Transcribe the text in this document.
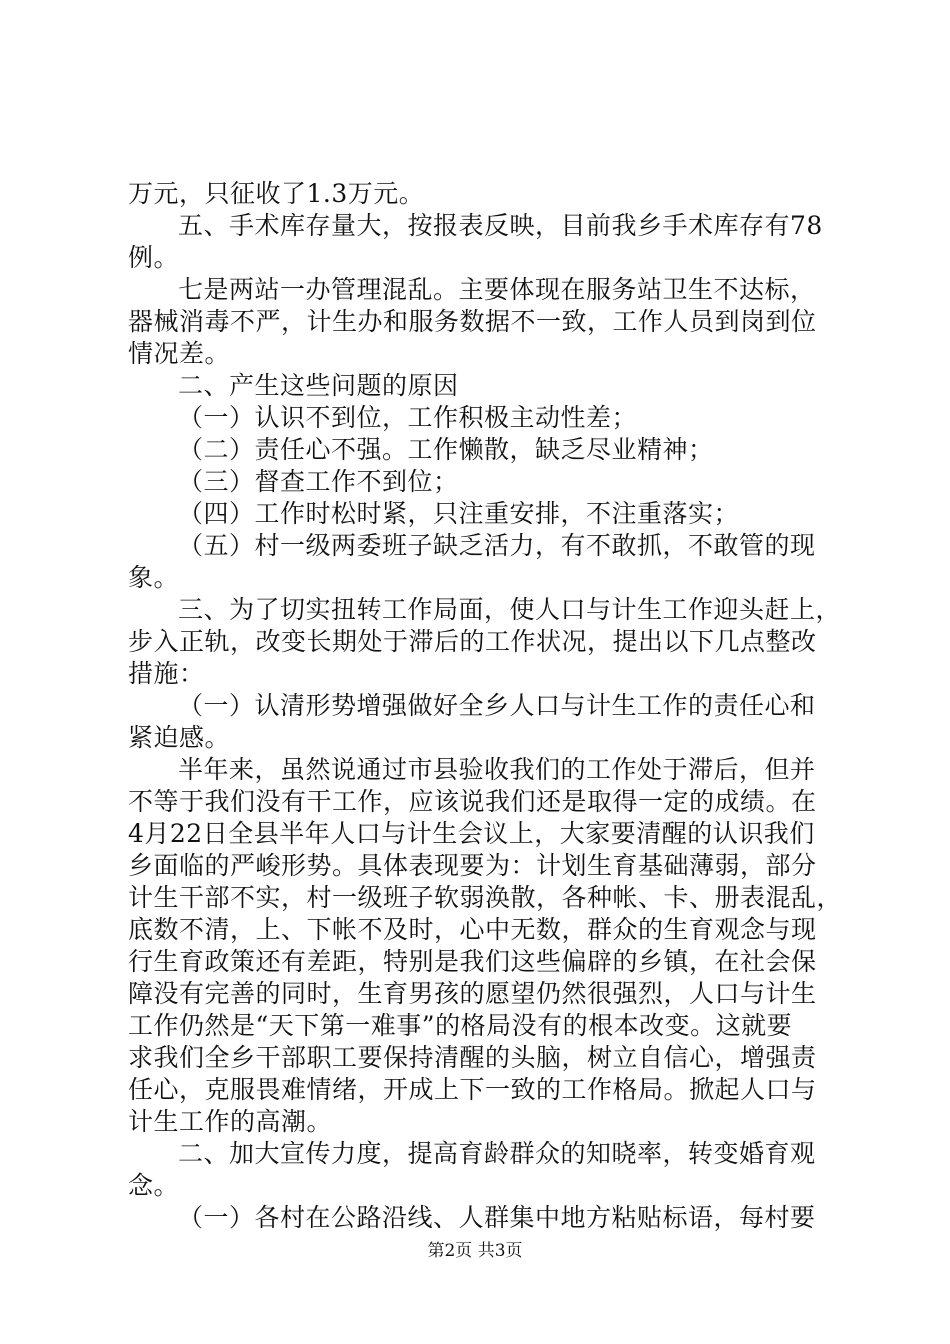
万元，只征收了1.3万元。
五、手术库存量大，按报表反映，目前我乡手术库存有78
例。
七是两站一办管理混乱。主要体现在服务站卫生不达标，
器械消毒不严，计生办和服务数据不一致，工作人员到岗到位
情况差。
二、产生这些问题的原因
（一）认识不到位，工作积极主动性差；
（二）责任心不强。工作懒散，缺乏尽业精神；
（三）督查工作不到位；
（四）工作时松时紧，只注重安排，不注重落实；
（五）村一级两委班子缺乏活力，有不敢抓，不敢管的现
象。
三、为了切实扭转工作局面，使人口与计生工作迎头赶上，
步入正轨，改变长期处于滞后的工作状况，提出以下几点整改
措施：
（一）认清形势增强做好全乡人口与计生工作的责任心和
紧迫感。
半年来，虽然说通过市县验收我们的工作处于滞后，但并
不等于我们没有干工作，应该说我们还是取得一定的成绩。在
4月22日全县半年人口与计生会议上，大家要清醒的认识我们
乡面临的严峻形势。具体表现要为：计划生育基础薄弱，部分
计生干部不实，村一级班子软弱涣散，各种帐、卡、册表混乱，
底数不清，上、下帐不及时，心中无数，群众的生育观念与现
行生育政策还有差距，特别是我们这些偏辟的乡镇，在社会保
障没有完善的同时，生育男孩的愿望仍然很强烈，人口与计生
工作仍然是“天下第一难事”的格局没有的根本改变。这就要
求我们全乡干部职工要保持清醒的头脑，树立自信心，增强责
任心，克服畏难情绪，开成上下一致的工作格局。掀起人口与
计生工作的高潮。
二、加大宣传力度，提高育龄群众的知晓率，转变婚育观
念。
（一）各村在公路沿线、人群集中地方粘贴标语，每村要
第2页 共3页
